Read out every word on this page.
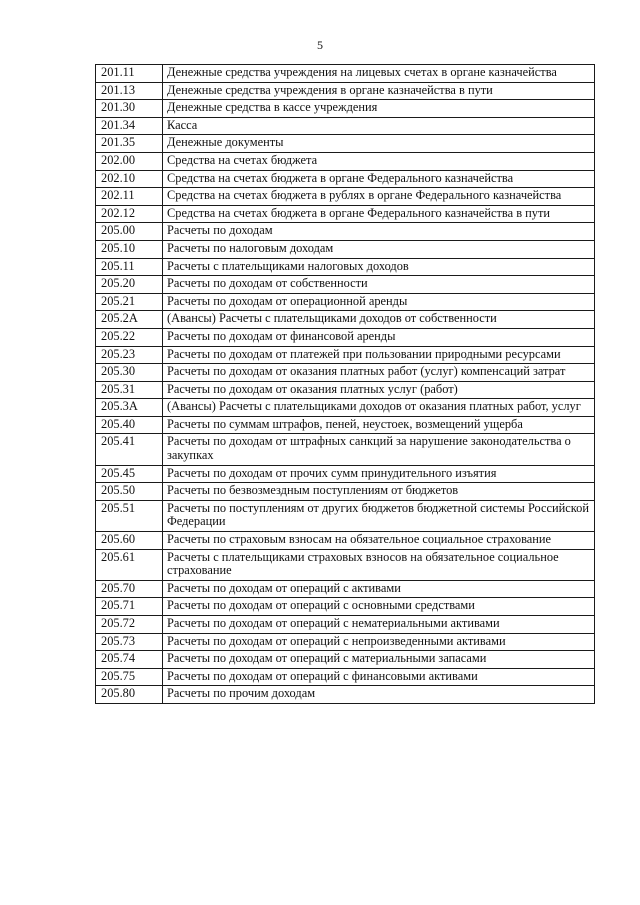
5
201.11	Денежные средства учреждения на лицевых счетах в органе казначейства
201.13	Денежные средства учреждения в органе казначейства в пути
201.30	Денежные средства в кассе учреждения
201.34	Касса
201.35	Денежные документы
202.00	Средства на счетах бюджета
202.10	Средства на счетах бюджета в органе Федерального казначейства
202.11	Средства на счетах бюджета в рублях в органе Федерального казначейства
202.12	Средства на счетах бюджета в органе Федерального казначейства в пути
205.00	Расчеты по доходам
205.10	Расчеты по налоговым доходам
205.11	Расчеты с плательщиками налоговых доходов
205.20	Расчеты по доходам от собственности
205.21	Расчеты по доходам от операционной аренды
205.2А	(Авансы) Расчеты с плательщиками доходов от собственности
205.22	Расчеты по доходам от финансовой аренды
205.23	Расчеты по доходам от платежей при пользовании природными ресурсами
205.30	Расчеты по доходам от оказания платных работ (услуг) компенсаций затрат
205.31	Расчеты по доходам от оказания платных услуг (работ)
205.3А	(Авансы) Расчеты с плательщиками доходов от оказания платных работ, услуг
205.40	Расчеты по суммам штрафов, пеней, неустоек, возмещений ущерба
205.41	Расчеты по доходам от штрафных санкций за нарушение законодательства о закупках
205.45	Расчеты по доходам от прочих сумм принудительного изъятия
205.50	Расчеты по безвозмездным поступлениям от бюджетов
205.51	Расчеты по поступлениям от других бюджетов бюджетной системы Российской Федерации
205.60	Расчеты по страховым взносам на обязательное социальное страхование
205.61	Расчеты с плательщиками страховых взносов на обязательное социальное страхование
205.70	Расчеты по доходам от операций с активами
205.71	Расчеты по доходам от операций с основными средствами
205.72	Расчеты по доходам от операций с нематериальными активами
205.73	Расчеты по доходам от операций с непроизведенными активами
205.74	Расчеты по доходам от операций с материальными запасами
205.75	Расчеты по доходам от операций с финансовыми активами
205.80	Расчеты по прочим доходам
